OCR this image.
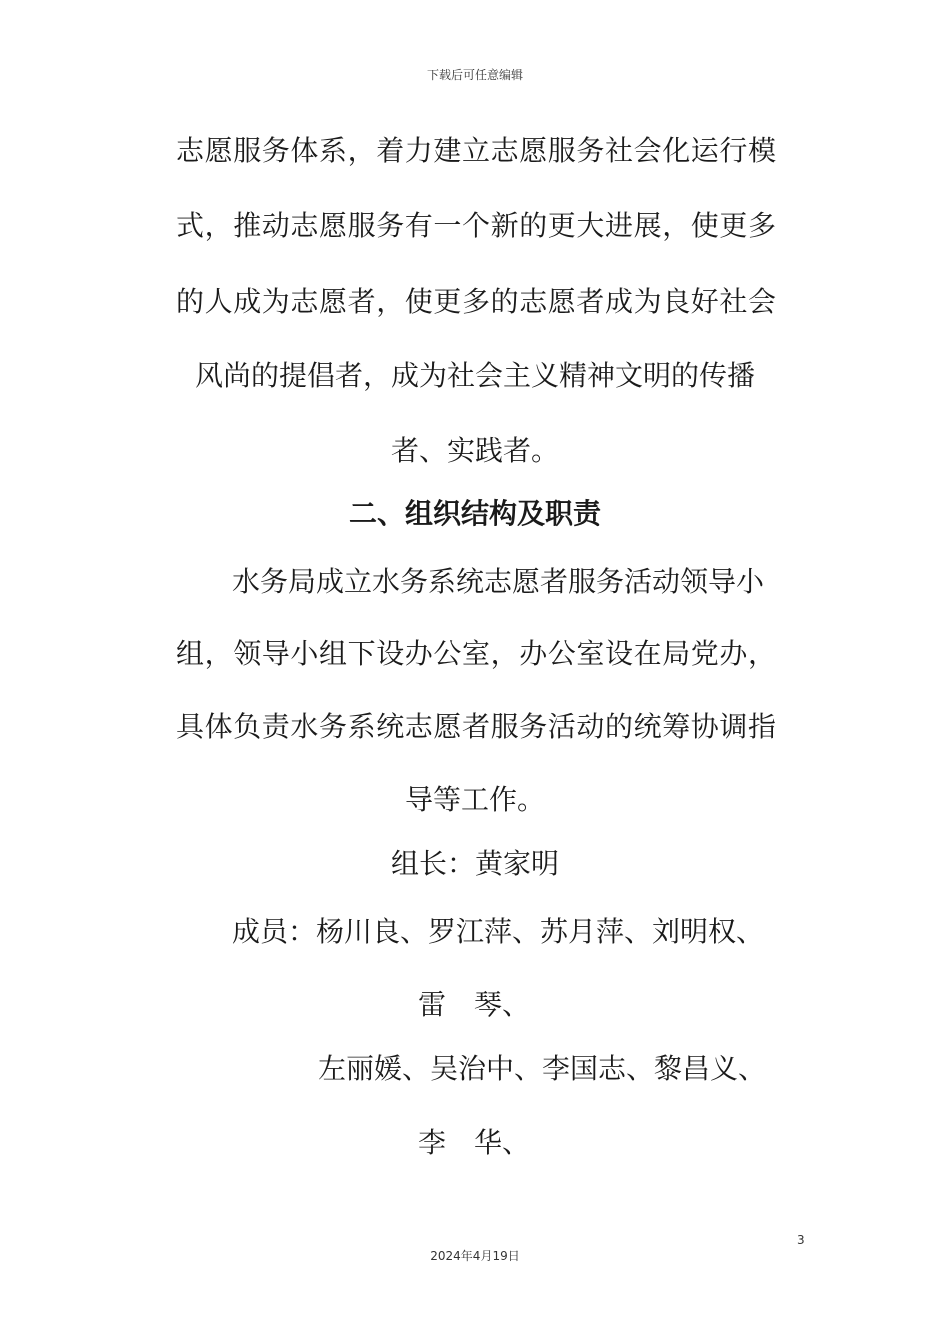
下载后可任意编辑
志愿服务体系，着力建立志愿服务社会化运行模
式，推动志愿服务有一个新的更大进展，使更多
的人成为志愿者，使更多的志愿者成为良好社会
风尚的提倡者，成为社会主义精神文明的传播
者、实践者。
二、组织结构及职责
水务局成立水务系统志愿者服务活动领导小
组，领导小组下设办公室，办公室设在局党办，
具体负责水务系统志愿者服务活动的统筹协调指
导等工作。
组长：黄家明
成员：杨川良、罗江萍、苏月萍、刘明权、
雷　琴、
左丽媛、吴治中、李国志、黎昌义、
李　华、
3
2024年4月19日
